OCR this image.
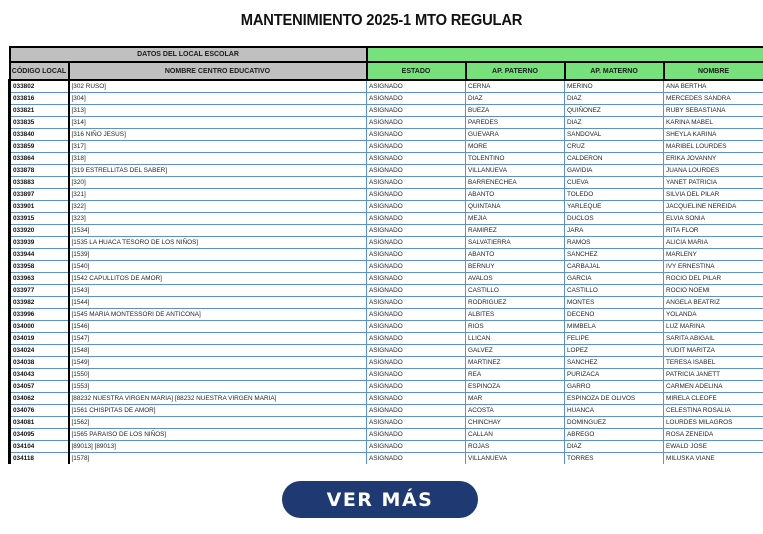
MANTENIMIENTO 2025-1 MTO REGULAR
DATOS DEL LOCAL ESCOLAR					
CÓDIGO LOCAL	NOMBRE CENTRO EDUCATIVO	ESTADO	AP. PATERNO	AP. MATERNO	NOMBRE
033802	[302 RUSO]	ASIGNADO	CERNA	MERINO	ANA BERTHA
033816	[304]	ASIGNADO	DIAZ	DIAZ	MERCEDES SANDRA
033821	[313]	ASIGNADO	BUEZA	QUIÑONEZ	RUBY SEBASTIANA
033835	[314]	ASIGNADO	PAREDES	DIAZ	KARINA MABEL
033840	[316 NIÑO JESUS]	ASIGNADO	GUEVARA	SANDOVAL	SHEYLA KARINA
033859	[317]	ASIGNADO	MORE	CRUZ	MARIBEL LOURDES
033864	[318]	ASIGNADO	TOLENTINO	CALDERON	ERIKA JOVANNY
033878	[319 ESTRELLITAS DEL SABER]	ASIGNADO	VILLANUEVA	GAVIDIA	JUANA LOURDES
033883	[320]	ASIGNADO	BARRENECHEA	CUEVA	YANET PATRICIA
033897	[321]	ASIGNADO	ABANTO	TOLEDO	SILVIA DEL PILAR
033901	[322]	ASIGNADO	QUINTANA	YARLEQUE	JACQUELINE NEREIDA
033915	[323]	ASIGNADO	MEJIA	DUCLOS	ELVIA SONIA
033920	[1534]	ASIGNADO	RAMIREZ	JARA	RITA FLOR
033939	[1535 LA HUACA TESORO DE LOS NIÑOS]	ASIGNADO	SALVATIERRA	RAMOS	ALICIA MARIA
033944	[1539]	ASIGNADO	ABANTO	SANCHEZ	MARLENY
033958	[1540]	ASIGNADO	BERNUY	CARBAJAL	IVY ERNESTINA
033963	[1542 CAPULLITOS DE AMOR]	ASIGNADO	AVALOS	GARCIA	ROCIO DEL PILAR
033977	[1543]	ASIGNADO	CASTILLO	CASTILLO	ROCIO NOEMI
033982	[1544]	ASIGNADO	RODRIGUEZ	MONTES	ANGELA BEATRIZ
033996	[1545 MARIA MONTESSORI DE ANTICONA]	ASIGNADO	ALBITES	DECENO	YOLANDA
034000	[1546]	ASIGNADO	RIOS	MIMBELA	LUZ MARINA
034019	[1547]	ASIGNADO	LLICAN	FELIPE	SARITA ABIGAIL
034024	[1548]	ASIGNADO	GALVEZ	LOPEZ	YUDIT MARITZA
034038	[1549]	ASIGNADO	MARTINEZ	SANCHEZ	TERESA ISABEL
034043	[1550]	ASIGNADO	REA	PURIZACA	PATRICIA JANETT
034057	[1553]	ASIGNADO	ESPINOZA	GARRO	CARMEN ADELINA
034062	[88232 NUESTRA VIRGEN MARIA] [88232 NUESTRA VIRGEN MARIA]	ASIGNADO	MAR	ESPINOZA DE OLIVOS	MIRELA CLEOFE
034076	[1561 CHISPITAS DE AMOR]	ASIGNADO	ACOSTA	HUANCA	CELESTINA ROSALIA
034081	[1562]	ASIGNADO	CHINCHAY	DOMINGUEZ	LOURDES MILAGROS
034095	[1565 PARAISO DE LOS NIÑOS]	ASIGNADO	CALLAN	ABREGO	ROSA ZENEIDA
034104	[89013] [89013]	ASIGNADO	ROJAS	DIAZ	EWALD JOSE
034118	[1578]	ASIGNADO	VILLANUEVA	TORRES	MILUSKA VIANE
VER MÁS
